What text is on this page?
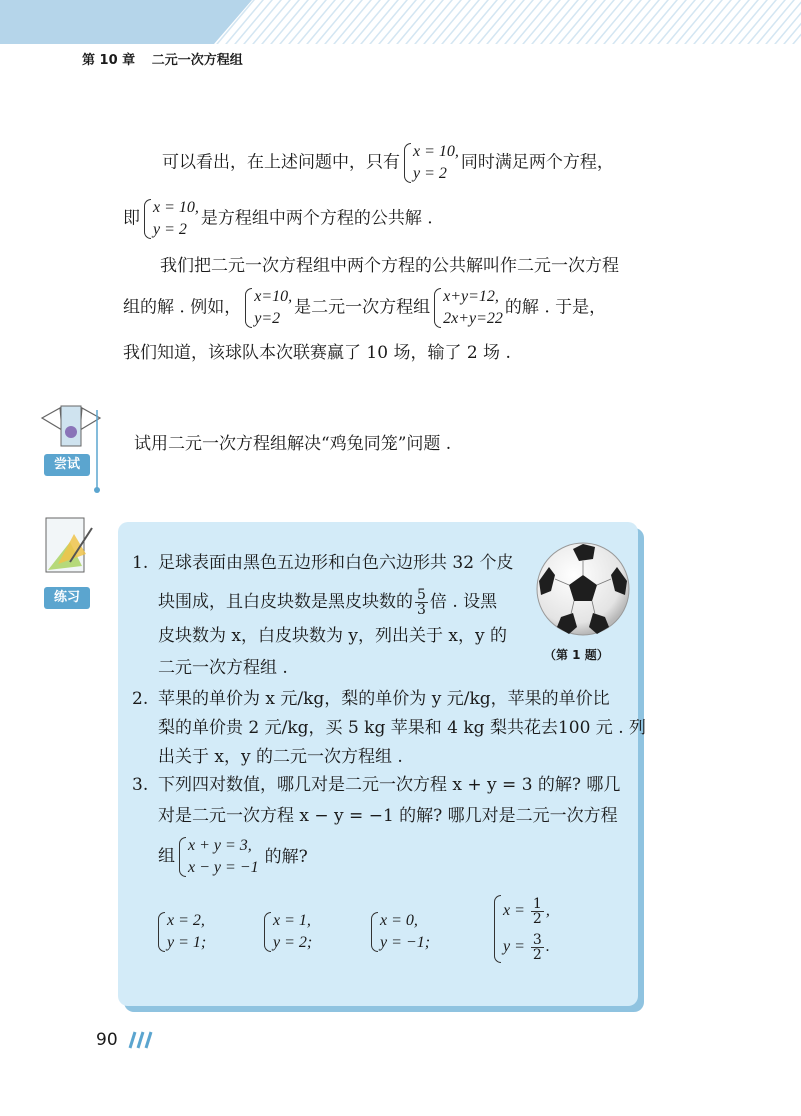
第 10 章 二元一次方程组
可以看出，在上述问题中，只有
x = 10,
y = 2
同时满足两个方程，
即
x = 10,
y = 2
是方程组中两个方程的公共解 .
我们把二元一次方程组中两个方程的公共解叫作二元一次方程
组的解 . 例如，
x=10,
y=2
是二元一次方程组
x+y=12,
2x+y=22
的解 . 于是，
我们知道，该球队本次联赛赢了 10 场，输了 2 场 .
尝试
试用二元一次方程组解决“鸡兔同笼”问题 .
练习
1. 足球表面由黑色五边形和白色六边形共 32 个皮
块围成，且白皮块数是黑皮块数的 $\frac{5}{3}$ 倍 . 设黑
皮块数为 x，白皮块数为 y，列出关于 x，y 的
二元一次方程组 .
（第 1 题）
2. 苹果的单价为 x 元/kg，梨的单价为 y 元/kg，苹果的单价比
梨的单价贵 2 元/kg，买 5 kg 苹果和 4 kg 梨共花去100 元 . 列
出关于 x，y 的二元一次方程组 .
3. 下列四对数值，哪几对是二元一次方程 x + y = 3 的解? 哪几
对是二元一次方程 x − y = −1 的解? 哪几对是二元一次方程
组
x + y = 3,
x − y = −1
的解?
x = 2,
y = 1;
x = 1,
y = 2;
x = 0,
y = −1;
$x = \frac{1}{2}$ ,
$y = \frac{3}{2}$ .
90
